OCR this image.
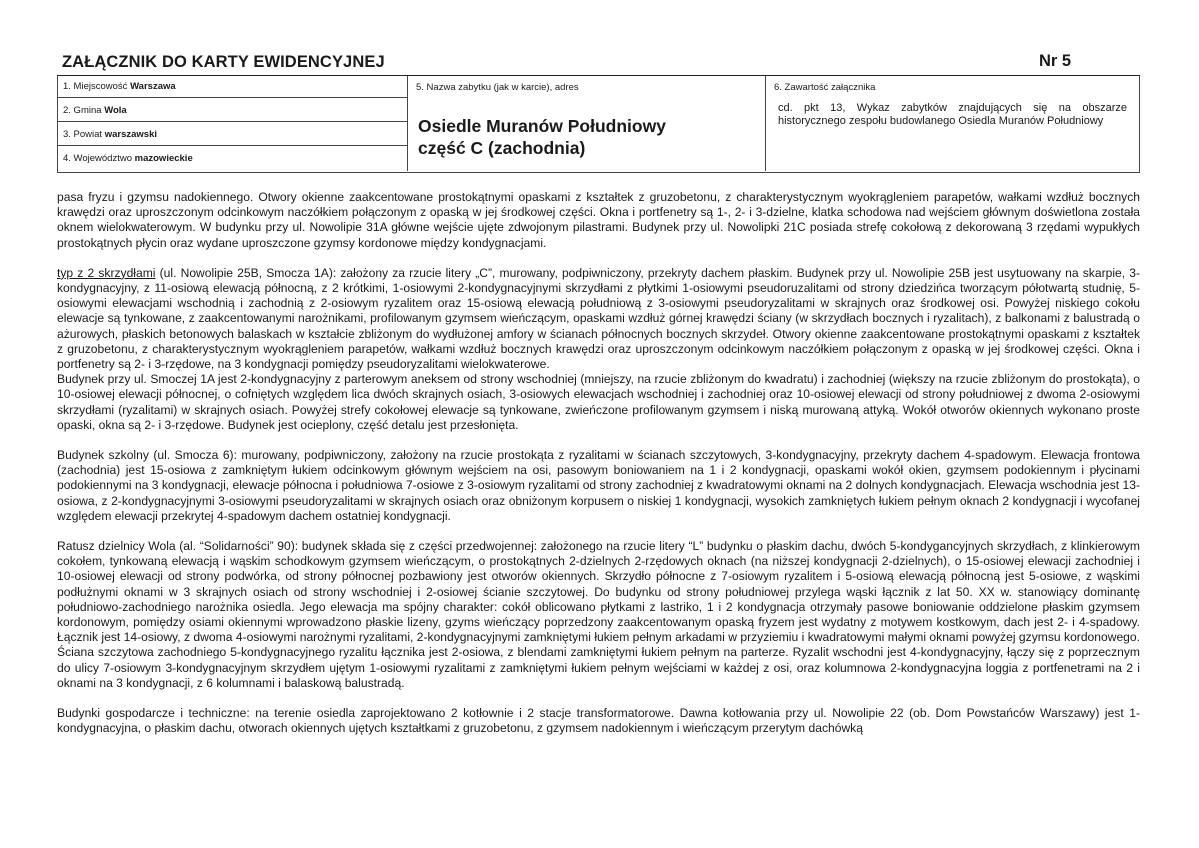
ZAŁĄCZNIK DO KARTY EWIDENCYJNEJ	Nr 5
1. Miejscowość Warszawa
2. Gmina Wola
3. Powiat warszawski
4. Województwo mazowieckie
5. Nazwa zabytku (jak w karcie), adres
Osiedle Muranów Południowy
część C (zachodnia)
6. Zawartość załącznika
cd. pkt 13, Wykaz zabytków znajdujących się na obszarze historycznego zespołu budowlanego Osiedla Muranów Południowy

pasa fryzu i gzymsu nadokiennego. Otwory okienne zaakcentowane prostokątnymi opaskami z kształtek z gruzobetonu, z charakterystycznym wyokrągleniem parapetów, wałkami wzdłuż bocznych krawędzi oraz uproszczonym odcinkowym naczółkiem połączonym z opaską w jej środkowej części. Okna i portfenetry są 1-, 2- i 3-dzielne, klatka schodowa nad wejściem głównym doświetlona została oknem wielokwaterowym. W budynku przy ul. Nowolipie 31A główne wejście ujęte zdwojonym pilastrami. Budynek przy ul. Nowolipki 21C posiada strefę cokołową z dekorowaną 3 rzędami wypukłych prostokątnych płycin oraz wydane uproszczone gzymsy kordonowe między kondygnacjami.

typ z 2 skrzydłami (ul. Nowolipie 25B, Smocza 1A): założony za rzucie litery „C”, murowany, podpiwniczony, przekryty dachem płaskim. Budynek przy ul. Nowolipie 25B jest usytuowany na skarpie, 3-kondygnacyjny, z 11-osiową elewacją północną, z 2 krótkimi, 1-osiowymi 2-kondygnacyjnymi skrzydłami z płytkimi 1-osiowymi pseudoruzalitami od strony dziedzińca tworzącym półotwartą studnię, 5-osiowymi elewacjami wschodnią i zachodnią z 2-osiowym ryzalitem oraz 15-osiową elewacją południową z 3-osiowymi pseudoryzalitami w skrajnych oraz środkowej osi. Powyżej niskiego cokołu elewacje są tynkowane, z zaakcentowanymi narożnikami, profilowanym gzymsem wieńczącym, opaskami wzdłuż górnej krawędzi ściany (w skrzydłach bocznych i ryzalitach), z balkonami z balustradą o ażurowych, płaskich betonowych balaskach w kształcie zbliżonym do wydłużonej amfory w ścianach północnych bocznych skrzydeł. Otwory okienne zaakcentowane prostokątnymi opaskami z kształtek z gruzobetonu, z charakterystycznym wyokrągleniem parapetów, wałkami wzdłuż bocznych krawędzi oraz uproszczonym odcinkowym naczółkiem połączonym z opaską w jej środkowej części. Okna i portfenetry są 2- i 3-rzędowe, na 3 kondygnacji pomiędzy pseudoryzalitami wielokwaterowe.

Budynek przy ul. Smoczej 1A jest 2-kondygnacyjny z parterowym aneksem od strony wschodniej (mniejszy, na rzucie zbliżonym do kwadratu) i zachodniej (większy na rzucie zbliżonym do prostokąta), o 10-osiowej elewacji północnej, o cofniętych względem lica dwóch skrajnych osiach, 3-osiowych elewacjach wschodniej i zachodniej oraz 10-osiowej elewacji od strony południowej z dwoma 2-osiowymi skrzydłami (ryzalitami) w skrajnych osiach. Powyżej strefy cokołowej elewacje są tynkowane, zwieńczone profilowanym gzymsem i niską murowaną attyką. Wokół otworów okiennych wykonano proste opaski, okna są 2- i 3-rzędowe. Budynek jest ocieplony, część detalu jest przesłonięta.

Budynek szkolny (ul. Smocza 6): murowany, podpiwniczony, założony na rzucie prostokąta z ryzalitami w ścianach szczytowych, 3-kondygnacyjny, przekryty dachem 4-spadowym. Elewacja frontowa (zachodnia) jest 15-osiowa z zamkniętym łukiem odcinkowym głównym wejściem na osi, pasowym boniowaniem na 1 i 2 kondygnacji, opaskami wokół okien, gzymsem podokiennym i płycinami podokiennymi na 3 kondygnacji, elewacje północna i południowa 7-osiowe z 3-osiowym ryzalitami od strony zachodniej z kwadratowymi oknami na 2 dolnych kondygnacjach. Elewacja wschodnia jest 13-osiowa, z 2-kondygnacyjnymi 3-osiowymi pseudoryzalitami w skrajnych osiach oraz obniżonym korpusem o niskiej 1 kondygnacji, wysokich zamkniętych łukiem pełnym oknach 2 kondygnacji i wycofanej względem elewacji przekrytej 4-spadowym dachem ostatniej kondygnacji.

Ratusz dzielnicy Wola (al. “Solidarności” 90): budynek składa się z części przedwojennej: założonego na rzucie litery “L” budynku o płaskim dachu, dwóch 5-kondygancyjnych skrzydłach, z klinkierowym cokołem, tynkowaną elewacją i wąskim schodkowym gzymsem wieńczącym, o prostokątnych 2-dzielnych 2-rzędowych oknach (na niższej kondygnacji 2-dzielnych), o 15-osiowej elewacji zachodniej i 10-osiowej elewacji od strony podwórka, od strony północnej pozbawiony jest otworów okiennych. Skrzydło północne z 7-osiowym ryzalitem i 5-osiową elewacją północną jest 5-osiowe, z wąskimi podłużnymi oknami w 3 skrajnych osiach od strony wschodniej i 2-osiowej ścianie szczytowej. Do budynku od strony południowej przylega wąski łącznik z lat 50. XX w. stanowiący dominantę południowo-zachodniego narożnika osiedla. Jego elewacja ma spójny charakter: cokół oblicowano płytkami z lastriko, 1 i 2 kondygnacja otrzymały pasowe boniowanie oddzielone płaskim gzymsem kordonowym, pomiędzy osiami okiennymi wprowadzono płaskie lizeny, gzyms wieńczący poprzedzony zaakcentowanym opaską fryzem jest wydatny z motywem kostkowym, dach jest 2- i 4-spadowy. Łącznik jest 14-osiowy, z dwoma 4-osiowymi narożnymi ryzalitami, 2-kondygnacyjnymi zamkniętymi łukiem pełnym arkadami w przyziemiu i kwadratowymi małymi oknami powyżej gzymsu kordonowego. Ściana szczytowa zachodniego 5-kondygnacyjnego ryzalitu łącznika jest 2-osiowa, z blendami zamkniętymi łukiem pełnym na parterze. Ryzalit wschodni jest 4-kondygnacyjny, łączy się z poprzecznym do ulicy 7-osiowym 3-kondygnacyjnym skrzydłem ujętym 1-osiowymi ryzalitami z zamkniętymi łukiem pełnym wejściami w każdej z osi, oraz kolumnowa 2-kondygnacyjna loggia z portfenetrami na 2 i oknami na 3 kondygnacji, z 6 kolumnami i balaskową balustradą.

Budynki gospodarcze i techniczne: na terenie osiedla zaprojektowano 2 kotłownie i 2 stacje transformatorowe. Dawna kotłowania przy ul. Nowolipie 22 (ob. Dom Powstańców Warszawy) jest 1-kondygnacyjna, o płaskim dachu, otworach okiennych ujętych kształtkami z gruzobetonu, z gzymsem nadokiennym i wieńczącym przerytym dachówką
